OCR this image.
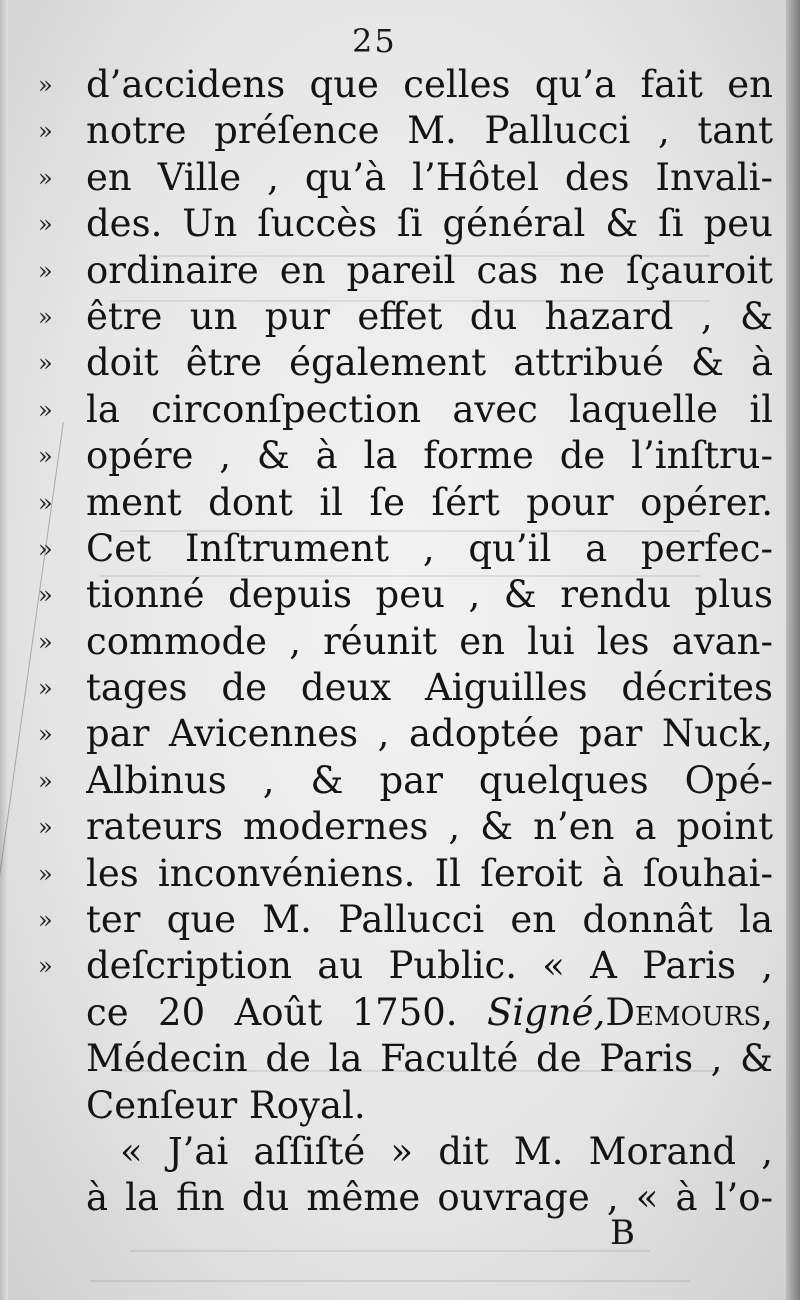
25
» d’accidens que celles qu’a fait en
» notre préſence M. Pallucci , tant
» en Ville , qu’à l’Hôtel des Invali-
» des. Un ſuccès ſi général & ſi peu
» ordinaire en pareil cas ne ſçauroit
» être un pur effet du hazard , &
» doit être également attribué & à
» la circonſpection avec laquelle il
» opére , & à la forme de l’inſtru-
» ment dont il ſe ſért pour opérer.
» Cet Inſtrument , qu’il a perfec-
» tionné depuis peu , & rendu plus
» commode , réunit en lui les avan-
» tages de deux Aiguilles décrites
» par Avicennes , adoptée par Nuck,
» Albinus , & par quelques Opé-
» rateurs modernes , & n’en a point
» les inconvéniens. Il ſeroit à ſouhai-
» ter que M. Pallucci en donnât la
» deſcription au Public. « A Paris ,
ce 20 Août 1750. Signé,Demours,
Médecin de la Faculté de Paris , &
Cenſeur Royal.
« J’ai aſſiſté » dit M. Morand ,
à la fin du même ouvrage , « à l’o-
B
